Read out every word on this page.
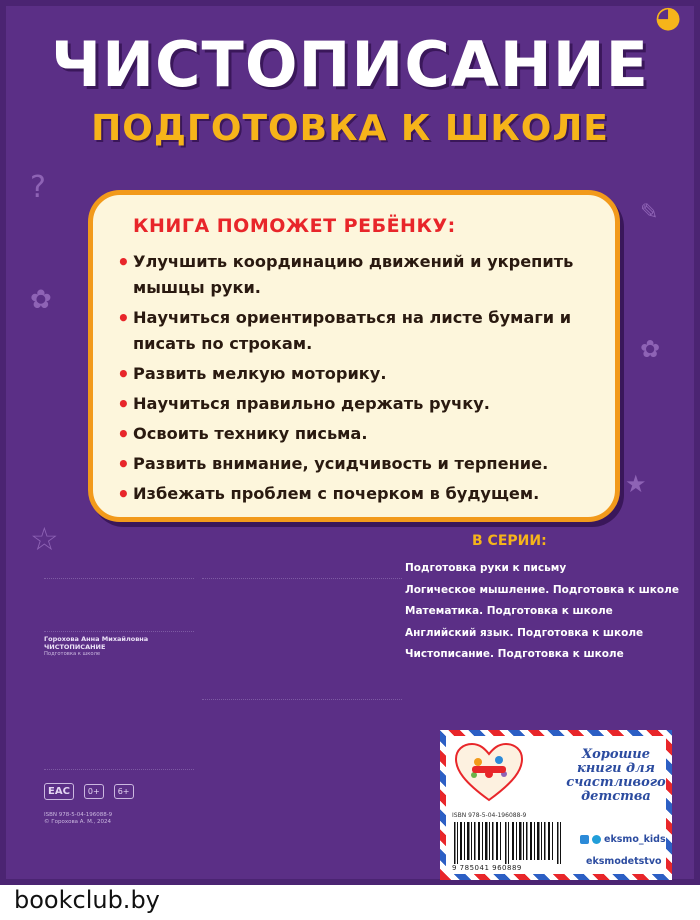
ЧИСТОПИСАНИЕ
ПОДГОТОВКА К ШКОЛЕ
?
✿
☆
✎
✿
★
◕
КНИГА ПОМОЖЕТ РЕБЁНКУ:
• Улучшить координацию движений и укрепить мышцы руки.
• Научиться ориентироваться на листе бумаги и писать по строкам.
• Развить мелкую моторику.
• Научиться правильно держать ручку.
• Освоить технику письма.
• Развить внимание, усидчивость и терпение.
• Избежать проблем с почерком в будущем.
В СЕРИИ:
Подготовка руки к письму
Логическое мышление. Подготовка к школе
Математика. Подготовка к школе
Английский язык. Подготовка к школе
Чистописание. Подготовка к школе
Горохова Анна Михайловна
ЧИСТОПИСАНИЕ
Подготовка к школе
EAC	0+	6+
ISBN 978-5-04-196088-9
© Горохова А. М., 2024
Хорошие книги для счастливого детства
ISBN 978-5-04-196088-9
9 785041 960889
eksmo_kids
eksmodetstvo
bookclub.by
